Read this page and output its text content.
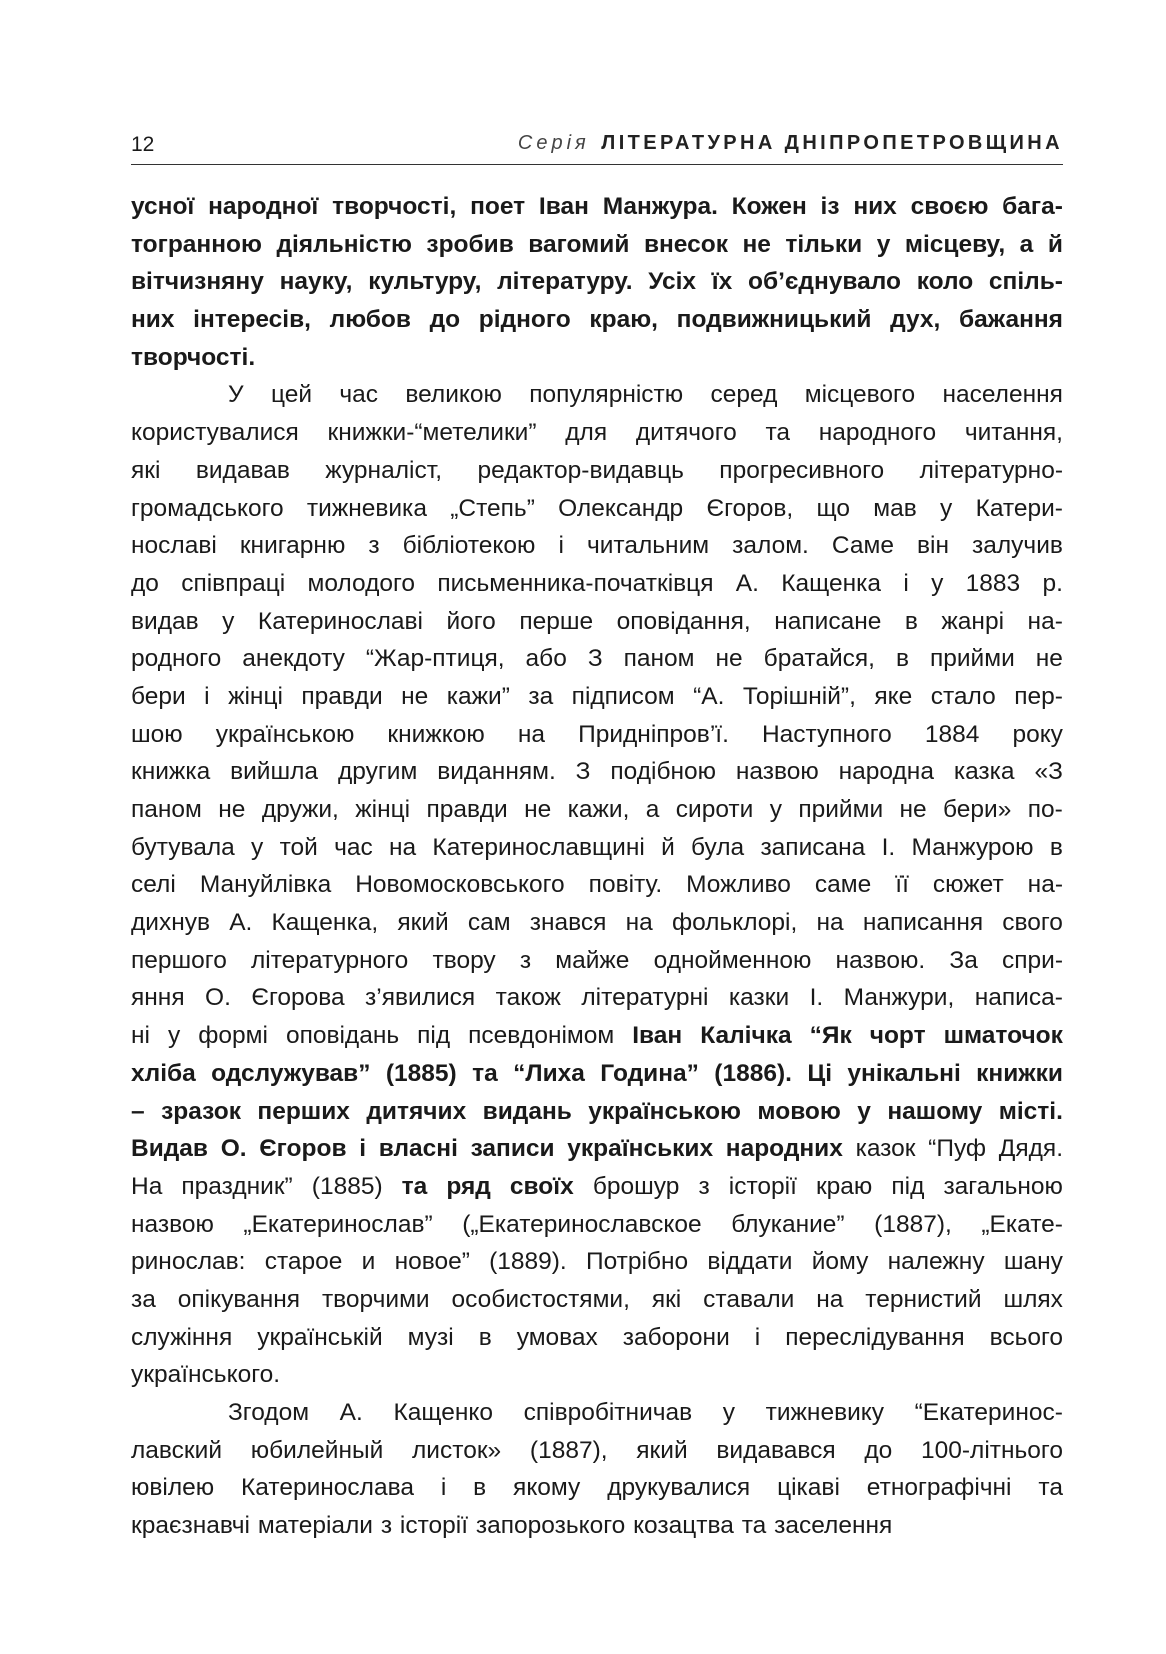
12	Серія ЛІТЕРАТУРНА ДНІПРОПЕТРОВЩИНА
усної народної творчості, поет Іван Манжура. Кожен із них своєю бага-
тогранною діяльністю зробив вагомий внесок не тільки у місцеву, а й
вітчизняну науку, культуру, літературу. Усіх їх об’єднувало коло спіль-
них інтересів, любов до рідного краю, подвижницький дух, бажання
творчості.
У цей час великою популярністю серед місцевого населення
користувалися книжки-“метелики” для дитячого та народного читання,
які видавав журналіст, редактор-видавць прогресивного літературно-
громадського тижневика „Степь” Олександр Єгоров, що мав у Катери-
нославі книгарню з бібліотекою і читальним залом. Саме він залучив
до співпраці молодого письменника-початківця А. Кащенка і у 1883 р.
видав у Катеринославі його перше оповідання, написане в жанрі на-
родного анекдоту “Жар-птиця, або З паном не братайся, в прийми не
бери і жінці правди не кажи” за підписом “А. Торішній”, яке стало пер-
шою українською книжкою на Придніпров’ї. Наступного 1884 року
книжка вийшла другим виданням. З подібною назвою народна казка «З
паном не дружи, жінці правди не кажи, а сироти у прийми не бери» по-
бутувала у той час на Катеринославщині й була записана І. Манжурою в
селі Мануйлівка Новомосковського повіту. Можливо саме її сюжет на-
дихнув А. Кащенка, який сам знався на фольклорі, на написання свого
першого літературного твору з майже однойменною назвою. За спри-
яння О. Єгорова з’явилися також літературні казки І. Манжури, написа-
ні у формі оповідань під псевдонімом Іван Калічка “Як чорт шматочок
хліба одслужував” (1885) та “Лиха Година” (1886). Ці унікальні книжки
– зразок перших дитячих видань українською мовою у нашому місті.
Видав О. Єгоров і власні записи українських народних казок “Пуф Дядя.
На праздник” (1885) та ряд своїх брошур з історії краю під загальною
назвою „Екатеринослав” („Екатеринославское блукание” (1887), „Екате-
ринослав: старое и новое” (1889). Потрібно віддати йому належну шану
за опікування творчими особистостями, які ставали на тернистий шлях
служіння українській музі в умовах заборони і переслідування всього
українського.
Згодом А. Кащенко співробітничав у тижневику “Екатеринос-
лавский юбилейный листок» (1887), який видавався до 100-літнього
ювілею Катеринослава і в якому друкувалися цікаві етнографічні та
краєзнавчі матеріали з історії запорозького козацтва та заселення
